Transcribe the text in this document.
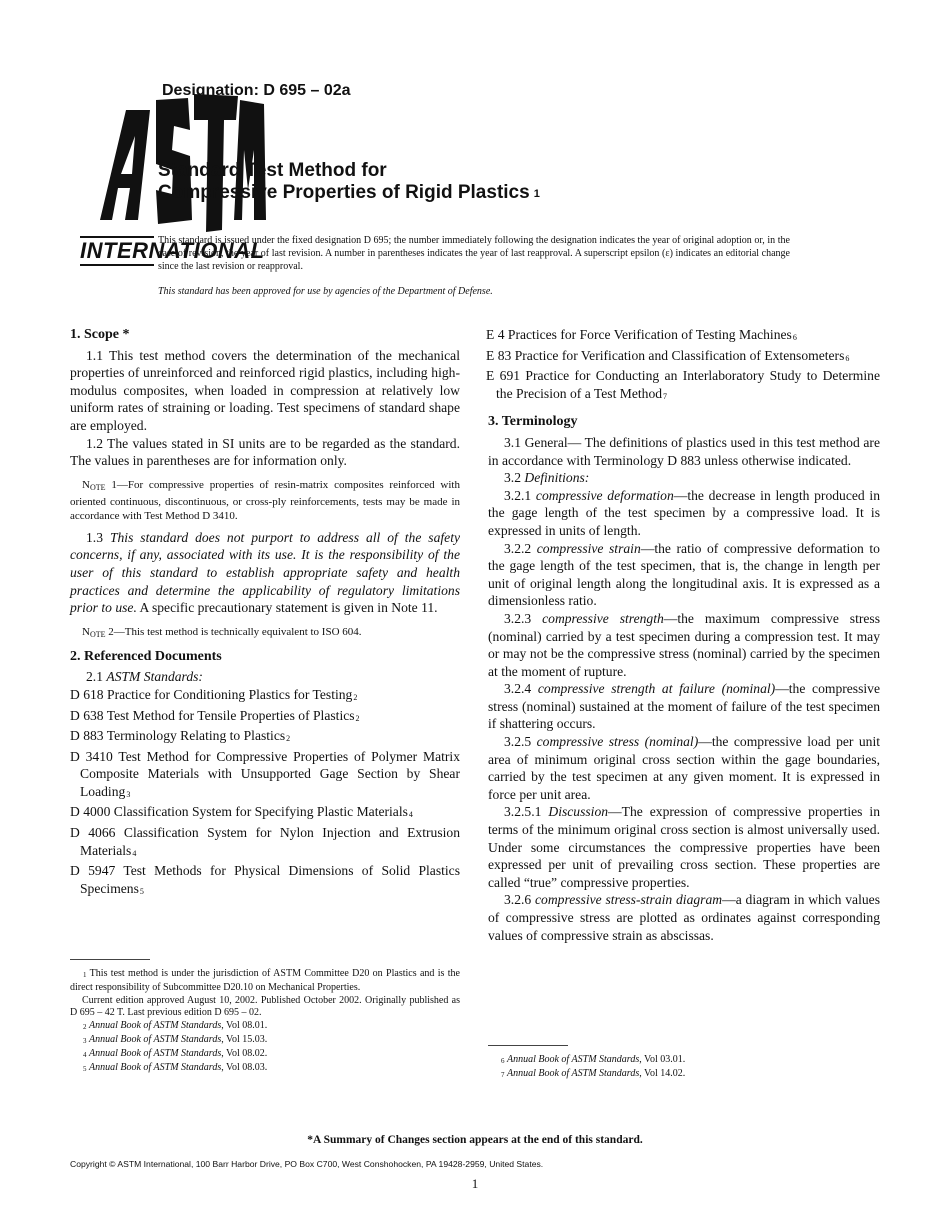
INTERNATIONAL
Designation: D 695 – 02a
Standard Test Method for
Compressive Properties of Rigid Plastics $^1$
This standard is issued under the fixed designation D 695; the number immediately following the designation indicates the year of original adoption or, in the case of revision, the year of last revision. A number in parentheses indicates the year of last reapproval. A superscript epsilon (ε) indicates an editorial change since the last revision or reapproval.
This standard has been approved for use by agencies of the Department of Defense.
1. Scope *

1.1 This test method covers the determination of the mechanical properties of unreinforced and reinforced rigid plastics, including high-modulus composites, when loaded in compression at relatively low uniform rates of straining or loading. Test specimens of standard shape are employed.

1.2 The values stated in SI units are to be regarded as the standard. The values in parentheses are for information only.

NOTE 1—For compressive properties of resin-matrix composites reinforced with oriented continuous, discontinuous, or cross-ply reinforcements, tests may be made in accordance with Test Method D 3410.

1.3 This standard does not purport to address all of the safety concerns, if any, associated with its use. It is the responsibility of the user of this standard to establish appropriate safety and health practices and determine the applicability of regulatory limitations prior to use. A specific precautionary statement is given in Note 11.

NOTE 2—This test method is technically equivalent to ISO 604.

2. Referenced Documents

2.1 ASTM Standards:

D 618 Practice for Conditioning Plastics for Testing$^2$

D 638 Test Method for Tensile Properties of Plastics$^2$

D 883 Terminology Relating to Plastics$^2$

D 3410 Test Method for Compressive Properties of Polymer Matrix Composite Materials with Unsupported Gage Section by Shear Loading$^3$

D 4000 Classification System for Specifying Plastic Materials$^4$

D 4066 Classification System for Nylon Injection and Extrusion Materials$^4$

D 5947 Test Methods for Physical Dimensions of Solid Plastics Specimens$^5$

$^1$ This test method is under the jurisdiction of ASTM Committee D20 on Plastics and is the direct responsibility of Subcommittee D20.10 on Mechanical Properties.

Current edition approved August 10, 2002. Published October 2002. Originally published as D 695 – 42 T. Last previous edition D 695 – 02.

$^2$ Annual Book of ASTM Standards, Vol 08.01.

$^3$ Annual Book of ASTM Standards, Vol 15.03.

$^4$ Annual Book of ASTM Standards, Vol 08.02.

$^5$ Annual Book of ASTM Standards, Vol 08.03.

E 4 Practices for Force Verification of Testing Machines$^6$

E 83 Practice for Verification and Classification of Extensometers$^6$

E 691 Practice for Conducting an Interlaboratory Study to Determine the Precision of a Test Method$^7$

3. Terminology

3.1 General— The definitions of plastics used in this test method are in accordance with Terminology D 883 unless otherwise indicated.

3.2 Definitions:

3.2.1 compressive deformation—the decrease in length produced in the gage length of the test specimen by a compressive load. It is expressed in units of length.

3.2.2 compressive strain—the ratio of compressive deformation to the gage length of the test specimen, that is, the change in length per unit of original length along the longitudinal axis. It is expressed as a dimensionless ratio.

3.2.3 compressive strength—the maximum compressive stress (nominal) carried by a test specimen during a compression test. It may or may not be the compressive stress (nominal) carried by the specimen at the moment of rupture.

3.2.4 compressive strength at failure (nominal)—the compressive stress (nominal) sustained at the moment of failure of the test specimen if shattering occurs.

3.2.5 compressive stress (nominal)—the compressive load per unit area of minimum original cross section within the gage boundaries, carried by the test specimen at any given moment. It is expressed in force per unit area.

3.2.5.1 Discussion—The expression of compressive properties in terms of the minimum original cross section is almost universally used. Under some circumstances the compressive properties have been expressed per unit of prevailing cross section. These properties are called “true” compressive properties.

3.2.6 compressive stress-strain diagram—a diagram in which values of compressive stress are plotted as ordinates against corresponding values of compressive strain as abscissas.

$^6$ Annual Book of ASTM Standards, Vol 03.01.

$^7$ Annual Book of ASTM Standards, Vol 14.02.

*A Summary of Changes section appears at the end of this standard.
Copyright © ASTM International, 100 Barr Harbor Drive, PO Box C700, West Conshohocken, PA 19428-2959, United States.
1
